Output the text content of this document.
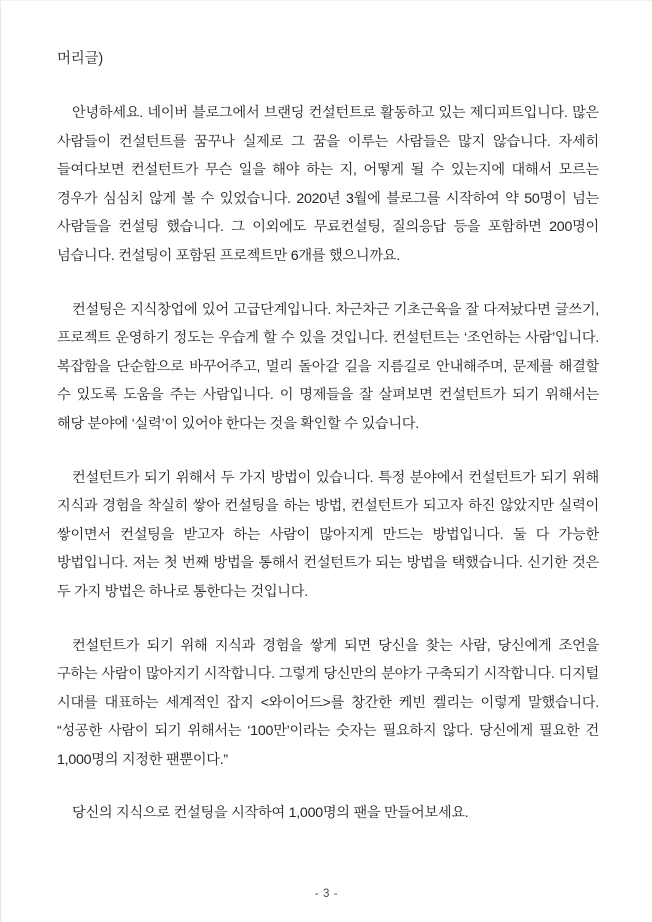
머리글)

안녕하세요. 네이버 블로그에서 브랜딩 컨설턴트로 활동하고 있는 제디피트입니다. 많은 사람들이 컨설턴트를 꿈꾸나 실제로 그 꿈을 이루는 사람들은 많지 않습니다. 자세히 들여다보면 컨설턴트가 무슨 일을 해야 하는 지, 어떻게 될 수 있는지에 대해서 모르는 경우가 심심치 않게 볼 수 있었습니다. 2020년 3월에 블로그를 시작하여 약 50명이 넘는 사람들을 컨설팅 했습니다. 그 이외에도 무료컨설팅, 질의응답 등을 포함하면 200명이 넘습니다. 컨설팅이 포함된 프로젝트만 6개를 했으니까요.

컨설팅은 지식창업에 있어 고급단계입니다. 차근차근 기초근육을 잘 다져놨다면 글쓰기, 프로젝트 운영하기 정도는 우습게 할 수 있을 것입니다. 컨설턴트는 ‘조언하는 사람’입니다. 복잡함을 단순함으로 바꾸어주고, 멀리 돌아갈 길을 지름길로 안내해주며, 문제를 해결할 수 있도록 도움을 주는 사람입니다. 이 명제들을 잘 살펴보면 컨설턴트가 되기 위해서는 해당 분야에 ‘실력’이 있어야 한다는 것을 확인할 수 있습니다.

컨설턴트가 되기 위해서 두 가지 방법이 있습니다. 특정 분야에서 컨설턴트가 되기 위해 지식과 경험을 착실히 쌓아 컨설팅을 하는 방법, 컨설턴트가 되고자 하진 않았지만 실력이 쌓이면서 컨설팅을 받고자 하는 사람이 많아지게 만드는 방법입니다. 둘 다 가능한 방법입니다. 저는 첫 번째 방법을 통해서 컨설턴트가 되는 방법을 택했습니다. 신기한 것은 두 가지 방법은 하나로 통한다는 것입니다.

컨설턴트가 되기 위해 지식과 경험을 쌓게 되면 당신을 찾는 사람, 당신에게 조언을 구하는 사람이 많아지기 시작합니다. 그렇게 당신만의 분야가 구축되기 시작합니다. 디지털 시대를 대표하는 세계적인 잡지 <와이어드>를 창간한 케빈 켈리는 이렇게 말했습니다. “성공한 사람이 되기 위해서는 ‘100만’이라는 숫자는 필요하지 않다. 당신에게 필요한 건 1,000명의 지정한 팬뿐이다.”

당신의 지식으로 컨설팅을 시작하여 1,000명의 팬을 만들어보세요.

- 3 -
